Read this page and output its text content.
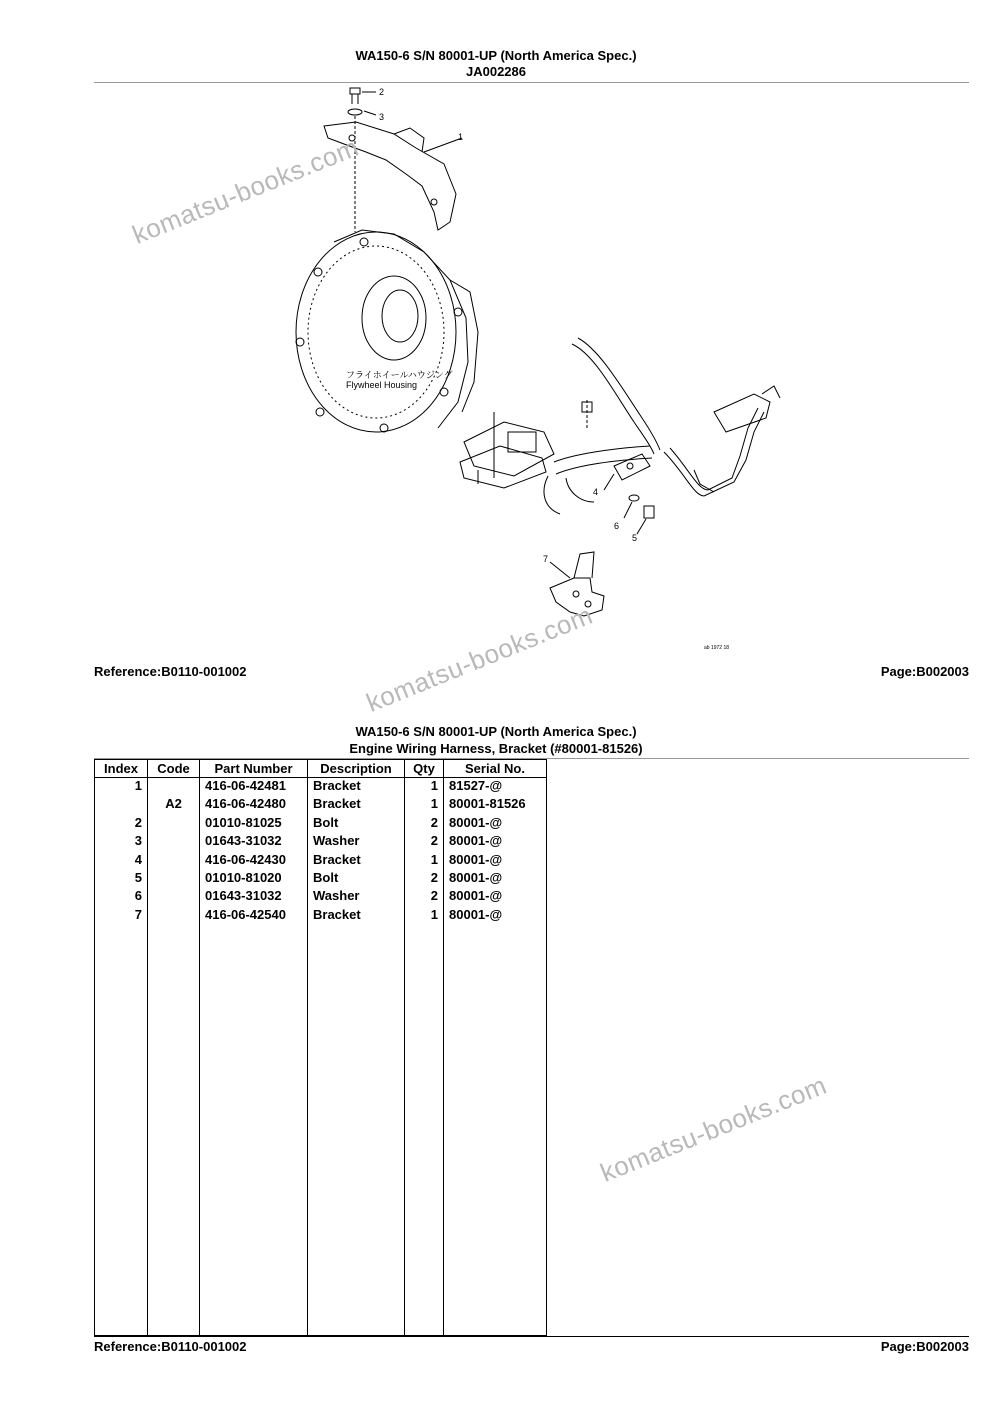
WA150-6 S/N 80001-UP (North America Spec.)
JA002286
フライホイールハウジング
Flywheel Housing
1
2
3
4
5
6
7
ab 1972 18
Reference:B0110-001002	Page:B002003
WA150-6 S/N 80001-UP (North America Spec.)
Engine Wiring Harness, Bracket (#80001-81526)
Index	Code	Part Number	Description	Qty	Serial No.
1		416-06-42481	Bracket	1	81527-@
	A2	416-06-42480	Bracket	1	80001-81526
2		01010-81025	Bolt	2	80001-@
3		01643-31032	Washer	2	80001-@
4		416-06-42430	Bracket	1	80001-@
5		01010-81020	Bolt	2	80001-@
6		01643-31032	Washer	2	80001-@
7		416-06-42540	Bracket	1	80001-@

Reference:B0110-001002	Page:B002003
komatsu-books.com
komatsu-books.com
komatsu-books.com
